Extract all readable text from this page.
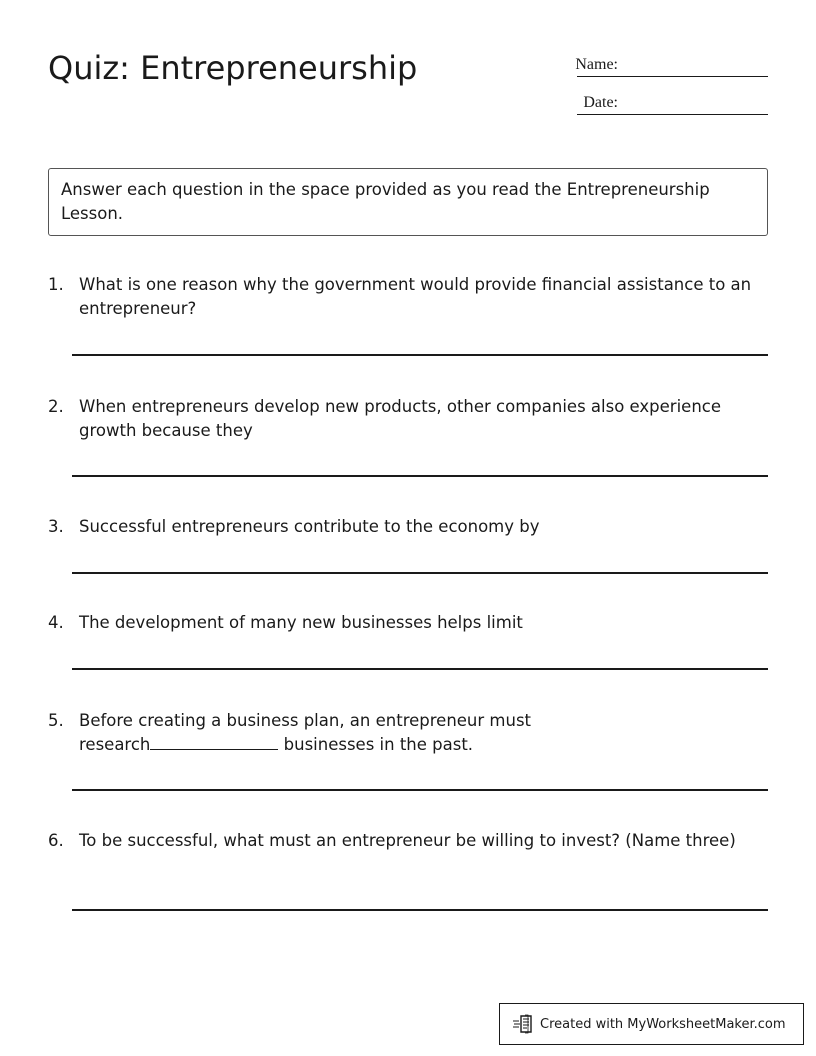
Quiz: Entrepreneurship	Name:
Date:
Answer each question in the space provided as you read the Entrepreneurship Lesson.
1. What is one reason why the government would provide financial assistance to an entrepreneur?
2. When entrepreneurs develop new products, other companies also experience growth because they
3. Successful entrepreneurs contribute to the economy by
4. The development of many new businesses helps limit
5. Before creating a business plan, an entrepreneur must research	businesses in the past.
6. To be successful, what must an entrepreneur be willing to invest? (Name three)
Created with MyWorksheetMaker.com
